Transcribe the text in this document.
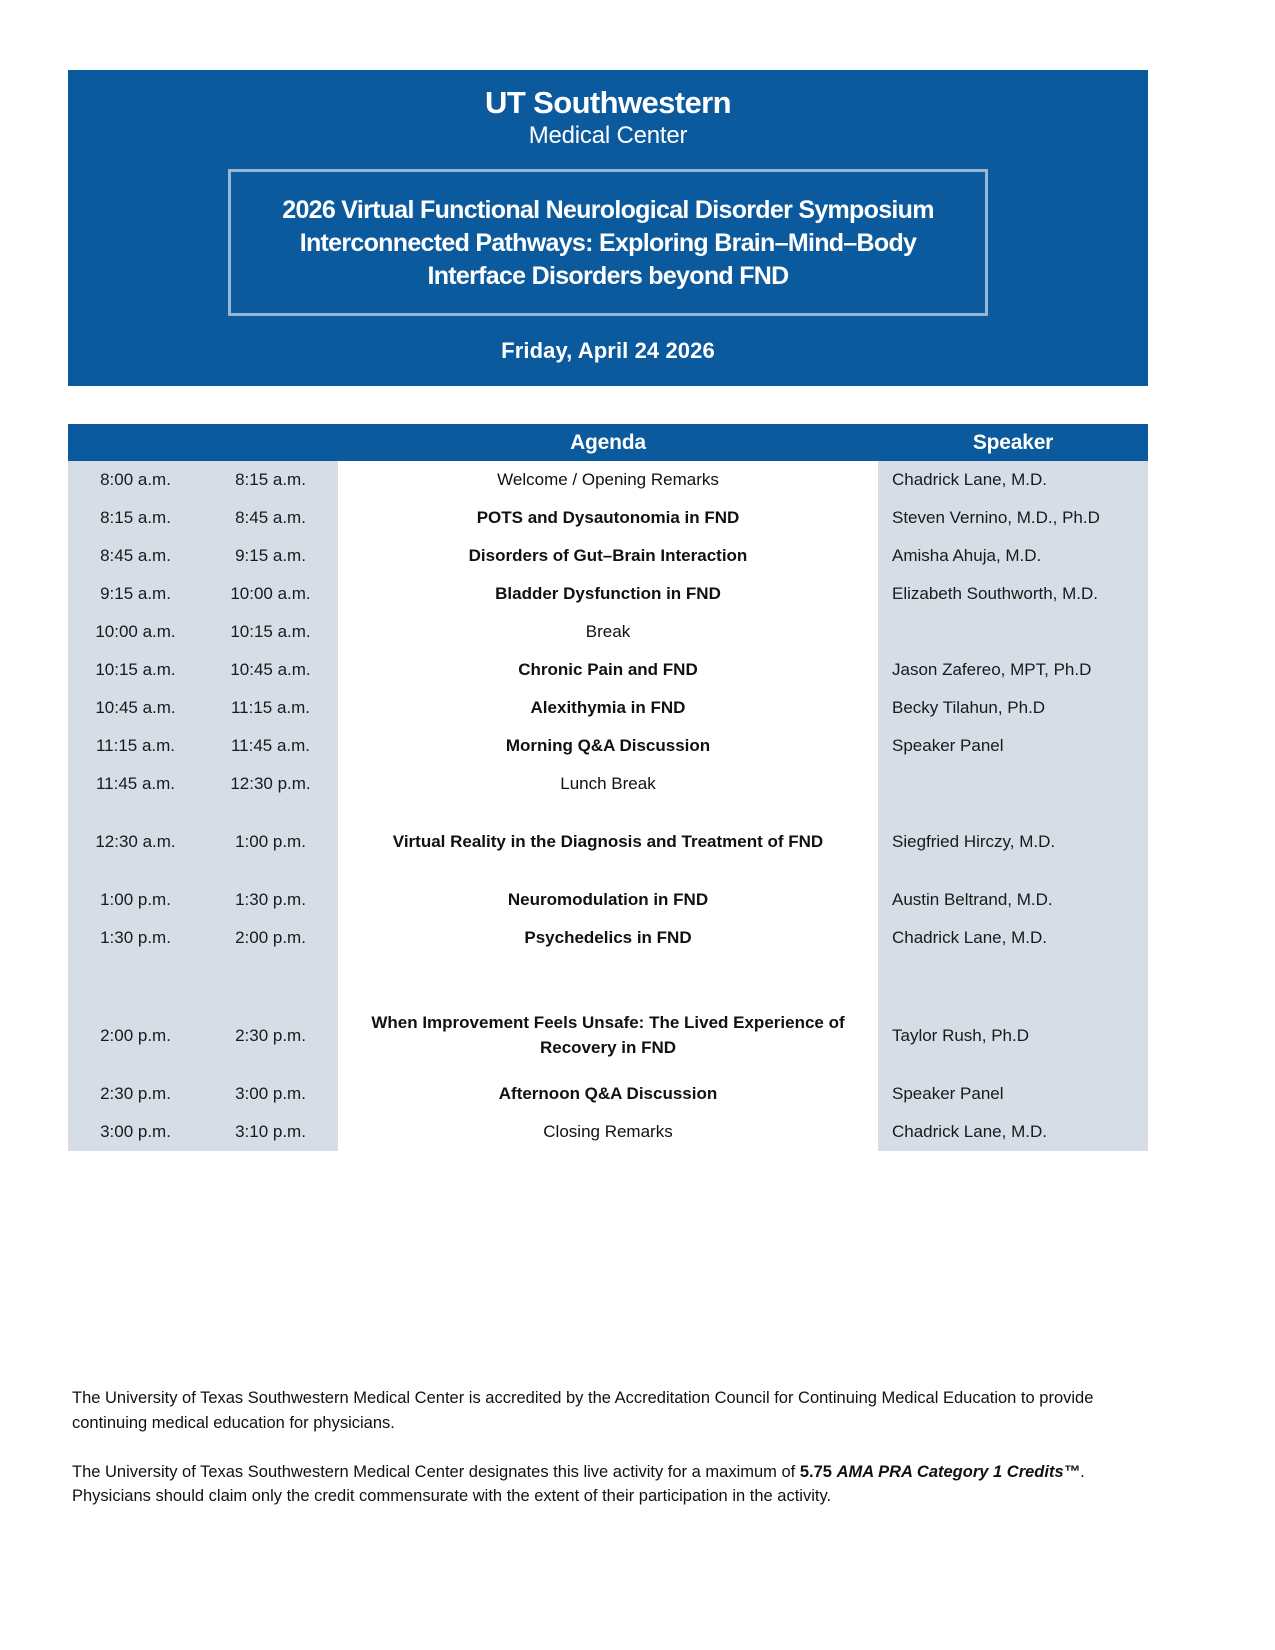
UT Southwestern
Medical Center
2026 Virtual Functional Neurological Disorder Symposium
Interconnected Pathways: Exploring Brain–Mind–Body
Interface Disorders beyond FND
Friday, April 24 2026
		Agenda	Speaker
8:00 a.m.	8:15 a.m.	Welcome / Opening Remarks	Chadrick Lane, M.D.
8:15 a.m.	8:45 a.m.	POTS and Dysautonomia in FND	Steven Vernino, M.D., Ph.D
8:45 a.m.	9:15 a.m.	Disorders of Gut–Brain Interaction	Amisha Ahuja, M.D.
9:15 a.m.	10:00 a.m.	Bladder Dysfunction in FND	Elizabeth Southworth, M.D.
10:00 a.m.	10:15 a.m.	Break	
10:15 a.m.	10:45 a.m.	Chronic Pain and FND	Jason Zafereo, MPT, Ph.D
10:45 a.m.	11:15 a.m.	Alexithymia in FND	Becky Tilahun, Ph.D
11:15 a.m.	11:45 a.m.	Morning Q&A Discussion	Speaker Panel
11:45 a.m.	12:30 p.m.	Lunch Break	
12:30 a.m.	1:00 p.m.	Virtual Reality in the Diagnosis and Treatment of FND	Siegfried Hirczy, M.D.
1:00 p.m.	1:30 p.m.	Neuromodulation in FND	Austin Beltrand, M.D.
1:30 p.m.	2:00 p.m.	Psychedelics in FND	Chadrick Lane, M.D.

2:00 p.m.	2:30 p.m.	When Improvement Feels Unsafe: The Lived Experience of Recovery in FND	Taylor Rush, Ph.D
2:30 p.m.	3:00 p.m.	Afternoon Q&A Discussion	Speaker Panel
3:00 p.m.	3:10 p.m.	Closing Remarks	Chadrick Lane, M.D.

The University of Texas Southwestern Medical Center is accredited by the Accreditation Council for Continuing Medical Education to provide continuing medical education for physicians.

The University of Texas Southwestern Medical Center designates this live activity for a maximum of 5.75 AMA PRA Category 1 Credits™. Physicians should claim only the credit commensurate with the extent of their participation in the activity.
